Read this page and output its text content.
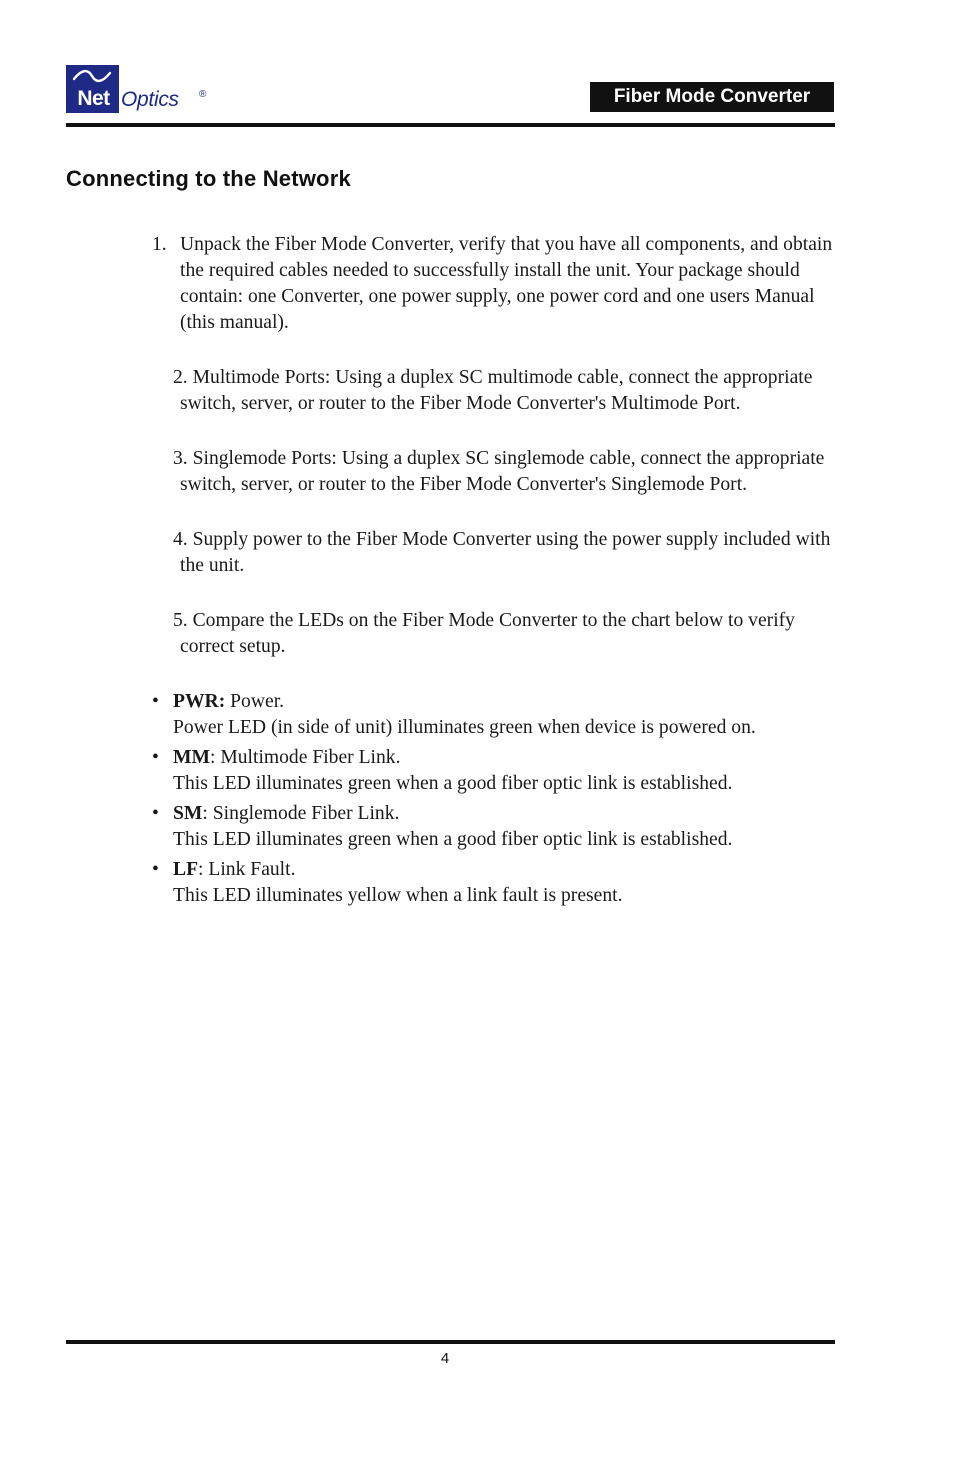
Net Optics ®	Fiber Mode Converter
Connecting to the Network
1. Unpack the Fiber Mode Converter, verify that you have all components, and obtain the required cables needed to successfully install the unit. Your package should contain: one Converter, one power supply, one power cord and one users Manual (this manual).
2. Multimode Ports: Using a duplex SC multimode cable, connect the appropriate switch, server, or router to the Fiber Mode Converter's Multimode Port.
3. Singlemode Ports: Using a duplex SC singlemode cable, connect the appropriate switch, server, or router to the Fiber Mode Converter's Singlemode Port.
4. Supply power to the Fiber Mode Converter using the power supply included with the unit.
5. Compare the LEDs on the Fiber Mode Converter to the chart below to verify correct setup.
• PWR: Power.
Power LED (in side of unit) illuminates green when device is powered on.
• MM: Multimode Fiber Link.
This LED illuminates green when a good fiber optic link is established.
• SM: Singlemode Fiber Link.
This LED illuminates green when a good fiber optic link is established.
• LF: Link Fault.
This LED illuminates yellow when a link fault is present.
4
